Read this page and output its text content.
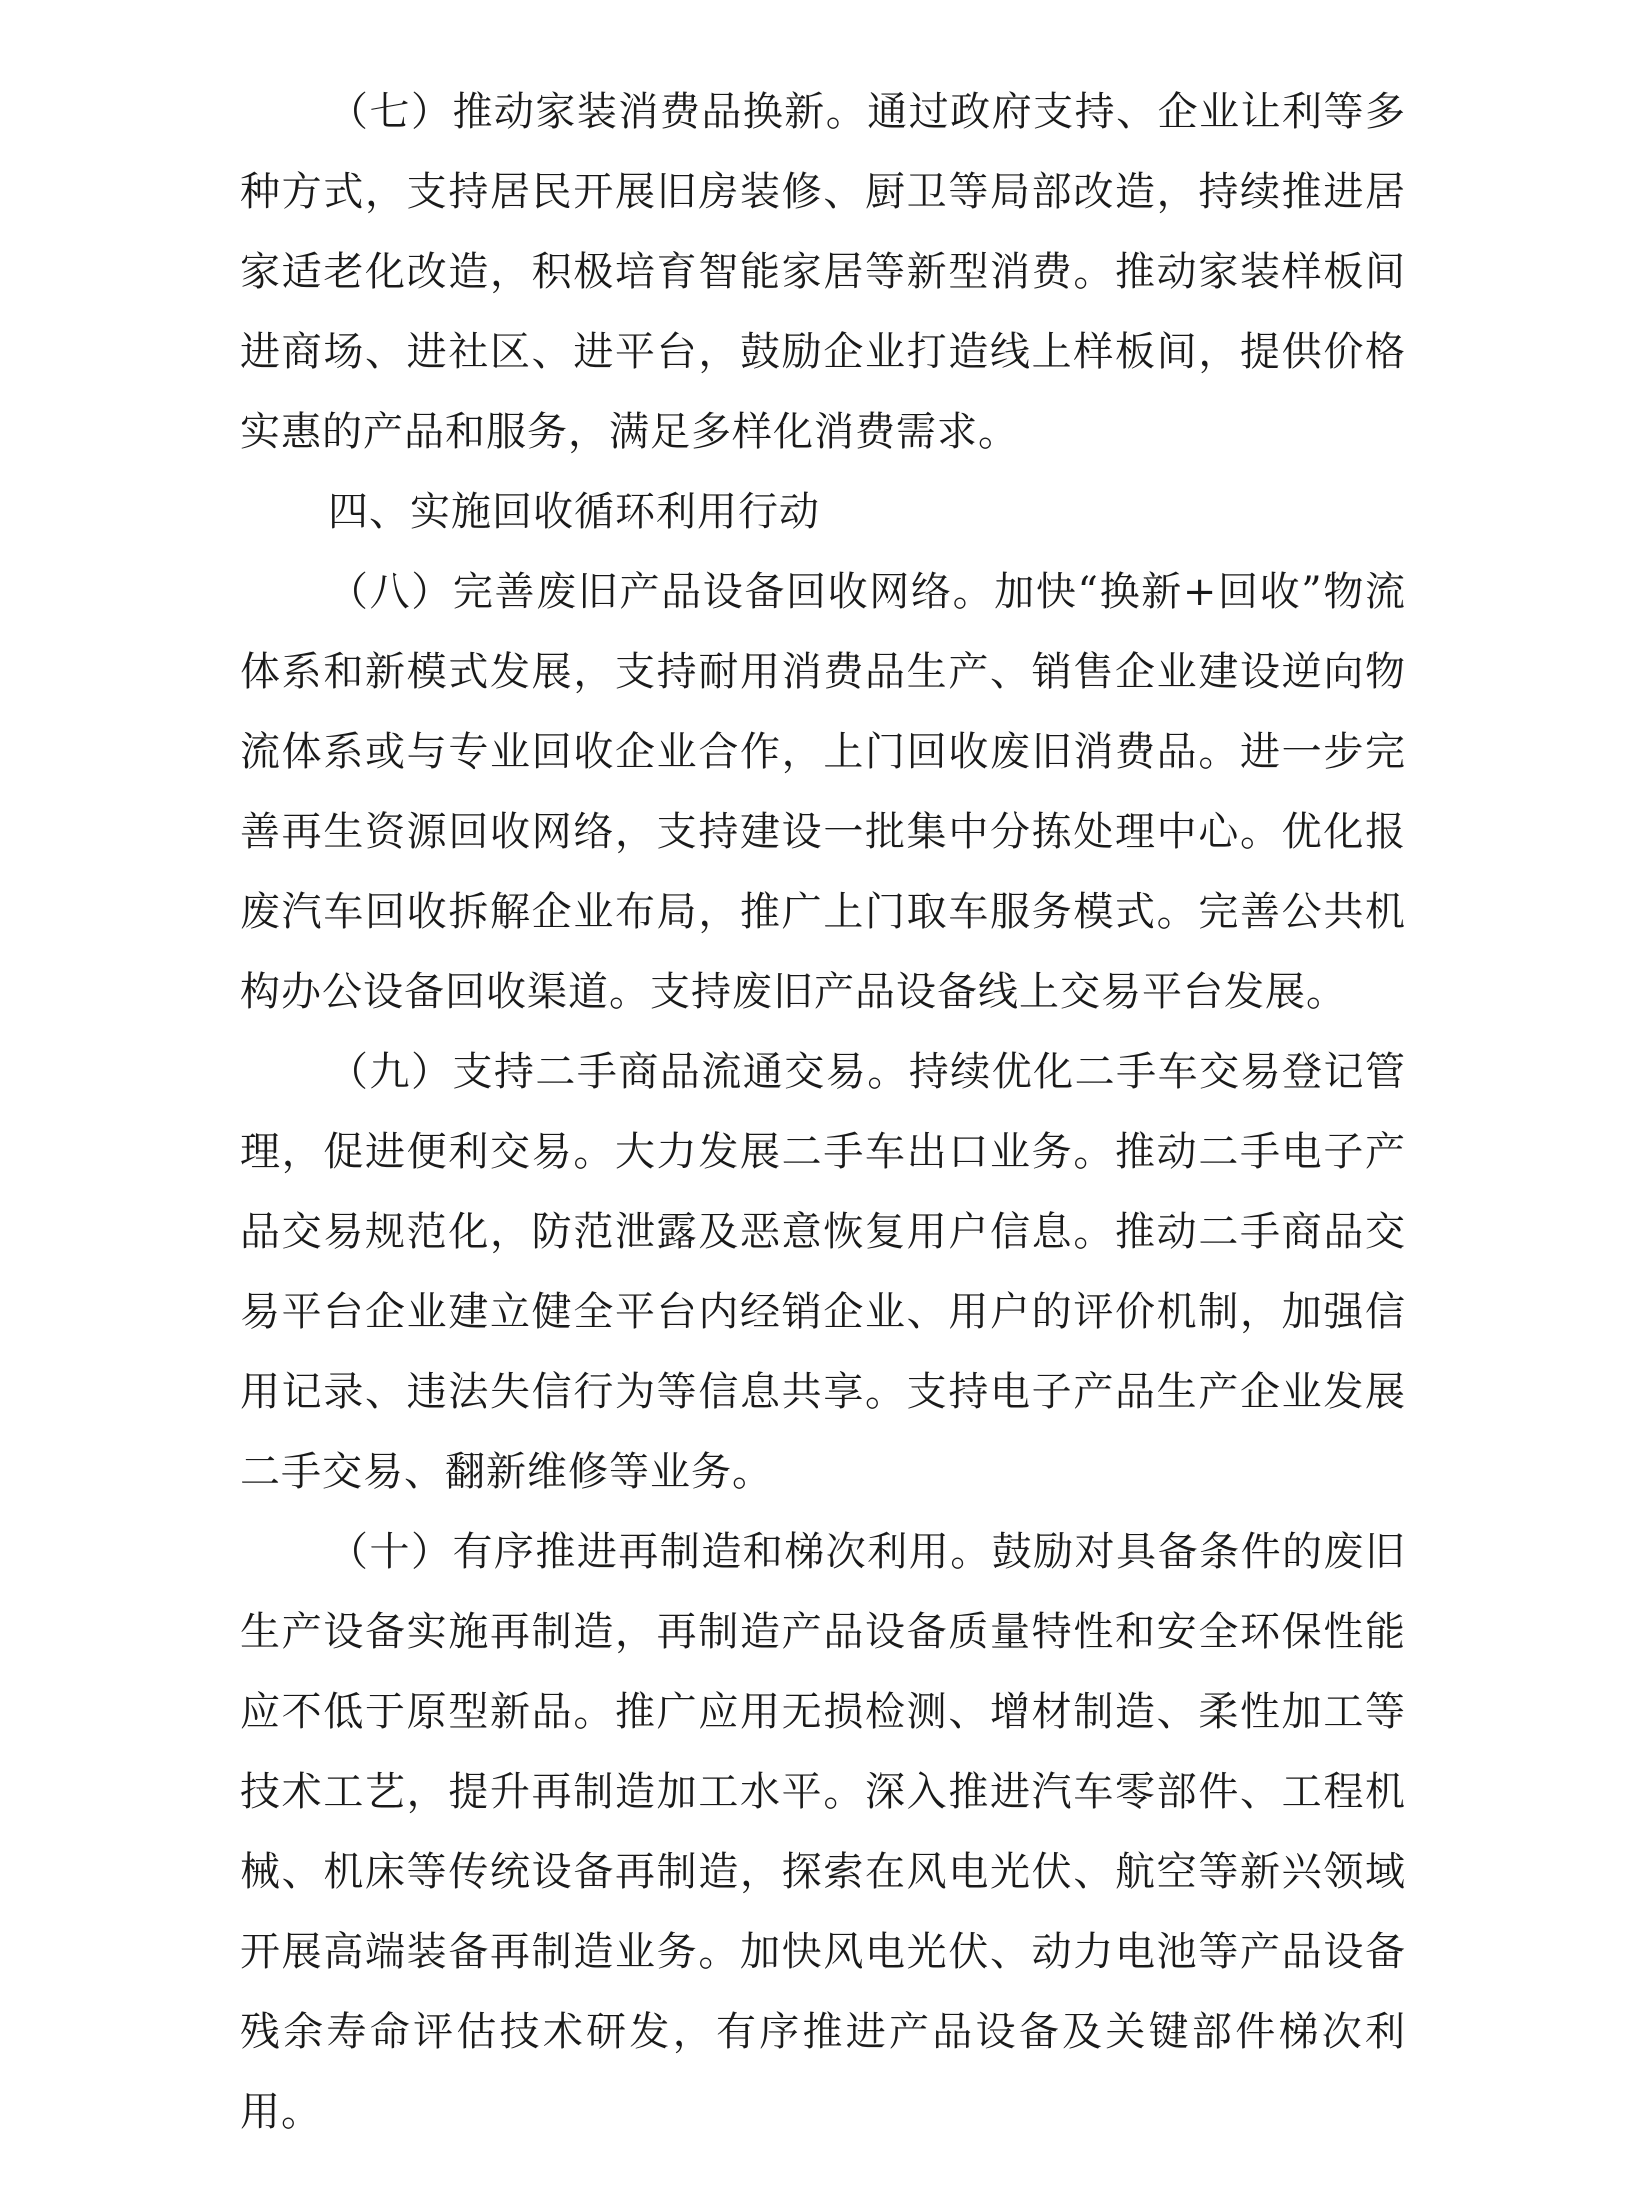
（七）推动家装消费品换新。通过政府支持、企业让利等多种方式，支持居民开展旧房装修、厨卫等局部改造，持续推进居家适老化改造，积极培育智能家居等新型消费。推动家装样板间进商场、进社区、进平台，鼓励企业打造线上样板间，提供价格实惠的产品和服务，满足多样化消费需求。

四、实施回收循环利用行动

（八）完善废旧产品设备回收网络。加快“换新+回收”物流体系和新模式发展，支持耐用消费品生产、销售企业建设逆向物流体系或与专业回收企业合作，上门回收废旧消费品。进一步完善再生资源回收网络，支持建设一批集中分拣处理中心。优化报废汽车回收拆解企业布局，推广上门取车服务模式。完善公共机构办公设备回收渠道。支持废旧产品设备线上交易平台发展。

（九）支持二手商品流通交易。持续优化二手车交易登记管理，促进便利交易。大力发展二手车出口业务。推动二手电子产品交易规范化，防范泄露及恶意恢复用户信息。推动二手商品交易平台企业建立健全平台内经销企业、用户的评价机制，加强信用记录、违法失信行为等信息共享。支持电子产品生产企业发展二手交易、翻新维修等业务。

（十）有序推进再制造和梯次利用。鼓励对具备条件的废旧生产设备实施再制造，再制造产品设备质量特性和安全环保性能应不低于原型新品。推广应用无损检测、增材制造、柔性加工等技术工艺，提升再制造加工水平。深入推进汽车零部件、工程机械、机床等传统设备再制造，探索在风电光伏、航空等新兴领域开展高端装备再制造业务。加快风电光伏、动力电池等产品设备残余寿命评估技术研发，有序推进产品设备及关键部件梯次利用。
